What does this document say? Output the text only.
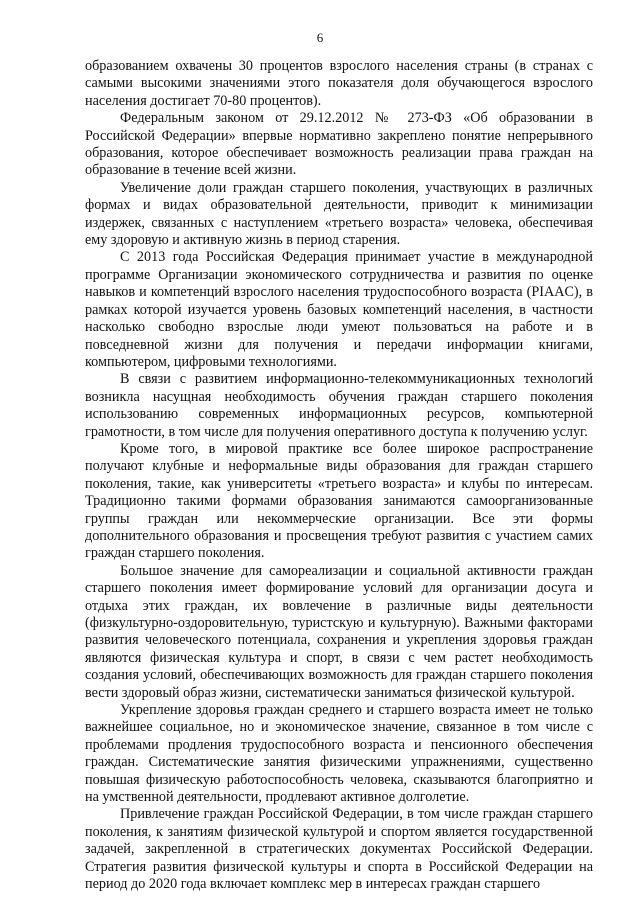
6

образованием охвачены 30 процентов взрослого населения страны (в странах с самыми высокими значениями этого показателя доля обучающегося взрослого населения достигает 70-80 процентов).

Федеральным законом от 29.12.2012 № 273-ФЗ «Об образовании в Российской Федерации» впервые нормативно закреплено понятие непрерывного образования, которое обеспечивает возможность реализации права граждан на образование в течение всей жизни.

Увеличение доли граждан старшего поколения, участвующих в различных формах и видах образовательной деятельности, приводит к минимизации издержек, связанных с наступлением «третьего возраста» человека, обеспечивая ему здоровую и активную жизнь в период старения.

С 2013 года Российская Федерация принимает участие в международной программе Организации экономического сотрудничества и развития по оценке навыков и компетенций взрослого населения трудоспособного возраста (PIAAC), в рамках которой изучается уровень базовых компетенций населения, в частности насколько свободно взрослые люди умеют пользоваться на работе и в повседневной жизни для получения и передачи информации книгами, компьютером, цифровыми технологиями.

В связи с развитием информационно-телекоммуникационных технологий возникла насущная необходимость обучения граждан старшего поколения использованию современных информационных ресурсов, компьютерной грамотности, в том числе для получения оперативного доступа к получению услуг.

Кроме того, в мировой практике все более широкое распространение получают клубные и неформальные виды образования для граждан старшего поколения, такие, как университеты «третьего возраста» и клубы по интересам. Традиционно такими формами образования занимаются самоорганизованные группы граждан или некоммерческие организации. Все эти формы дополнительного образования и просвещения требуют развития с участием самих граждан старшего поколения.

Большое значение для самореализации и социальной активности граждан старшего поколения имеет формирование условий для организации досуга и отдыха этих граждан, их вовлечение в различные виды деятельности (физкультурно-оздоровительную, туристскую и культурную). Важными факторами развития человеческого потенциала, сохранения и укрепления здоровья граждан являются физическая культура и спорт, в связи с чем растет необходимость создания условий, обеспечивающих возможность для граждан старшего поколения вести здоровый образ жизни, систематически заниматься физической культурой.

Укрепление здоровья граждан среднего и старшего возраста имеет не только важнейшее социальное, но и экономическое значение, связанное в том числе с проблемами продления трудоспособного возраста и пенсионного обеспечения граждан. Систематические занятия физическими упражнениями, существенно повышая физическую работоспособность человека, сказываются благоприятно и на умственной деятельности, продлевают активное долголетие.

Привлечение граждан Российской Федерации, в том числе граждан старшего поколения, к занятиям физической культурой и спортом является государственной задачей, закрепленной в стратегических документах Российской Федерации. Стратегия развития физической культуры и спорта в Российской Федерации на период до 2020 года включает комплекс мер в интересах граждан старшего
